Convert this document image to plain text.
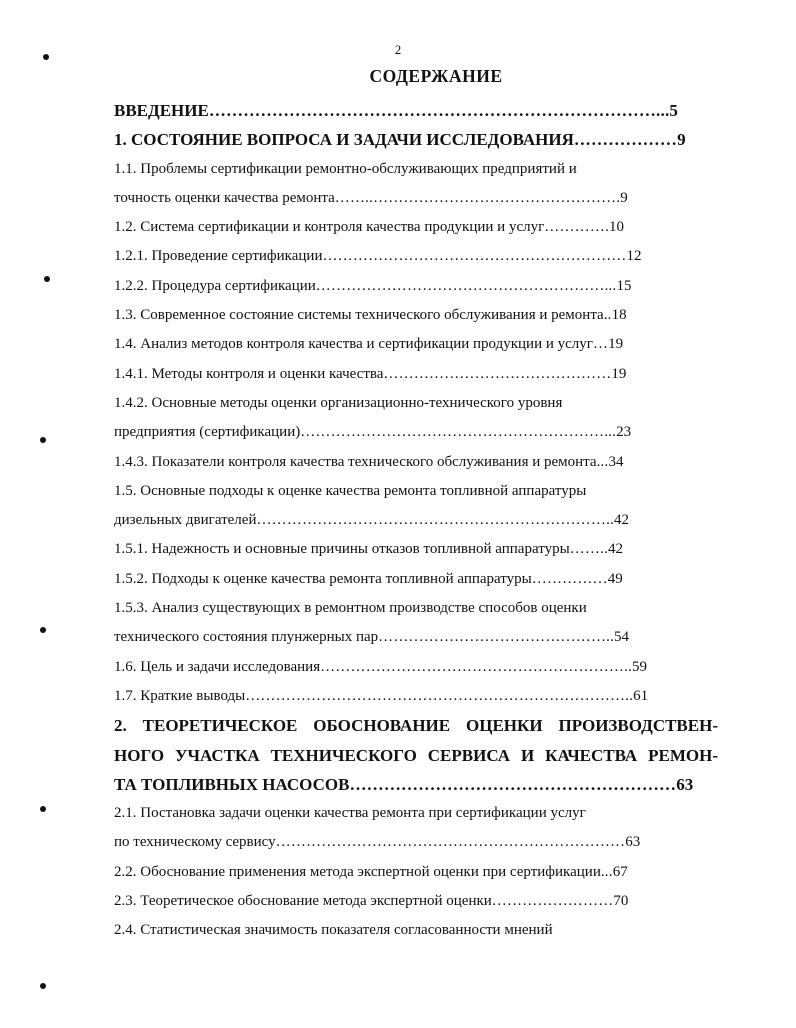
2
СОДЕРЖАНИЕ
ВВЕДЕНИЕ……………………………………………………………………...5
1. СОСТОЯНИЕ ВОПРОСА И ЗАДАЧИ ИССЛЕДОВАНИЯ………………9
1.1. Проблемы сертификации ремонтно-обслуживающих предприятий и
точность оценки качества ремонта……..………………………………………….9
1.2. Система сертификации и контроля качества продукции и услуг………….10
1.2.1. Проведение сертификации……………………………………………………12
1.2.2. Процедура сертификации…………………………………………………...15
1.3. Современное состояние системы технического обслуживания и ремонта..18
1.4. Анализ методов контроля качества и сертификации продукции и услуг…19
1.4.1. Методы контроля и оценки качества………………………………………19
1.4.2. Основные методы оценки организационно-технического уровня
предприятия (сертификации)……………………………………………………...23
1.4.3. Показатели контроля качества технического обслуживания и ремонта...34
1.5. Основные подходы к оценке качества ремонта топливной аппаратуры
дизельных двигателей……………………………………………………………..42
1.5.1. Надежность и основные причины отказов топливной аппаратуры……..42
1.5.2. Подходы к оценке качества ремонта топливной аппаратуры……………49
1.5.3. Анализ существующих в ремонтном производстве способов оценки
технического состояния плунжерных пар………………………………………..54
1.6. Цель и задачи исследования……………………………………………………..59
1.7. Краткие выводы…………………………………………………………………..61
2. ТЕОРЕТИЧЕСКОЕ ОБОСНОВАНИЕ ОЦЕНКИ ПРОИЗВОДСТВЕН-
НОГО УЧАСТКА ТЕХНИЧЕСКОГО СЕРВИСА И КАЧЕСТВА РЕМОН-
ТА ТОПЛИВНЫХ НАСОСОВ…………………………………………………63
2.1. Постановка задачи оценки качества ремонта при сертификации услуг
по техническому сервису……………………………………………………………63
2.2. Обоснование применения метода экспертной оценки при сертификации...67
2.3. Теоретическое обоснование метода экспертной оценки……………………70
2.4. Статистическая значимость показателя согласованности мнений
